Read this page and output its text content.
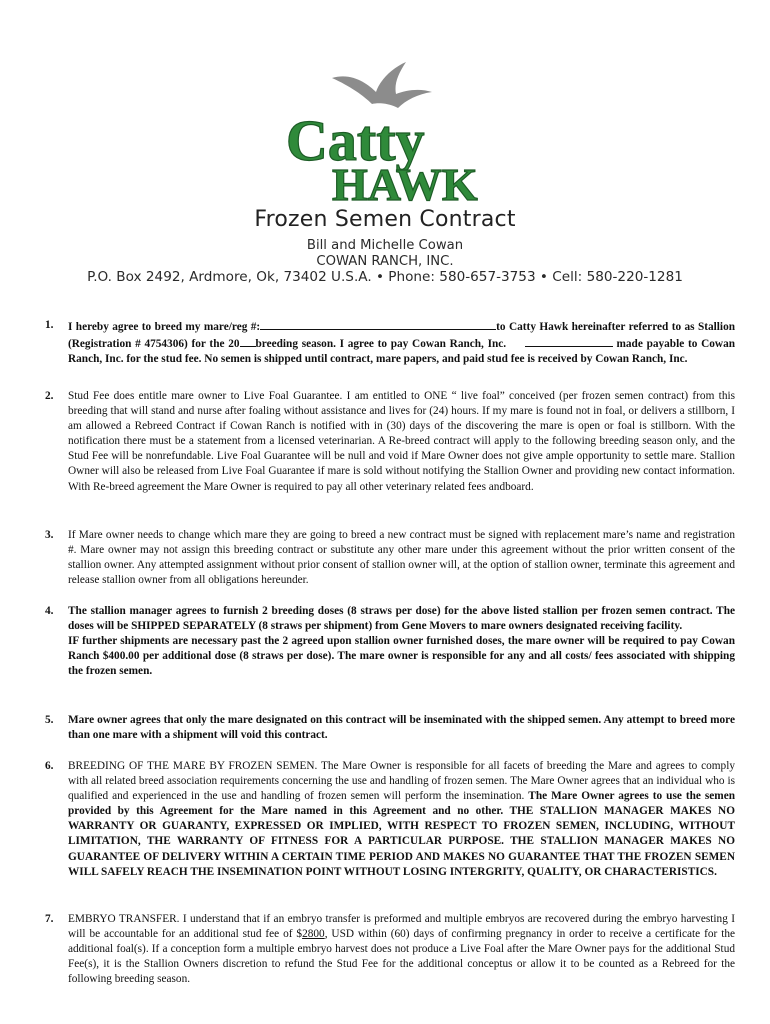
Catty
HAWK
Frozen Semen Contract
Bill and Michelle Cowan
COWAN RANCH, INC.
P.O. Box 2492, Ardmore, Ok, 73402 U.S.A. • Phone: 580-657-3753 • Cell: 580-220-1281
1.	I hereby agree to breed my mare/reg #:	to Catty Hawk hereinafter referred to as Stallion (Registration # 4754306) for the 20 breeding season. I agree to pay Cowan Ranch, Inc.	made payable to Cowan Ranch, Inc. for the stud fee. No semen is shipped until contract, mare papers, and paid stud fee is received by Cowan Ranch, Inc.
2.	Stud Fee does entitle mare owner to Live Foal Guarantee. I am entitled to ONE “ live foal” conceived (per frozen semen contract) from this breeding that will stand and nurse after foaling without assistance and lives for (24) hours. If my mare is found not in foal, or delivers a stillborn, I am allowed a Rebreed Contract if Cowan Ranch is notified with in (30) days of the discovering the mare is open or foal is stillborn. With the notification there must be a statement from a licensed veterinarian. A Re-breed contract will apply to the following breeding season only, and the Stud Fee will be nonrefundable. Live Foal Guarantee will be null and void if Mare Owner does not give ample opportunity to settle mare. Stallion Owner will also be released from Live Foal Guarantee if mare is sold without notifying the Stallion Owner and providing new contact information. With Re-breed agreement the Mare Owner is required to pay all other veterinary related fees andboard.
3.	If Mare owner needs to change which mare they are going to breed a new contract must be signed with replacement mare’s name and registration #. Mare owner may not assign this breeding contract or substitute any other mare under this agreement without the prior written consent of the stallion owner. Any attempted assignment without prior consent of stallion owner will, at the option of stallion owner, terminate this agreement and release stallion owner from all obligations hereunder.
4.	The stallion manager agrees to furnish 2 breeding doses (8 straws per dose) for the above listed stallion per frozen semen contract. The doses will be SHIPPED SEPARATELY (8 straws per shipment) from Gene Movers to mare owners designated receiving facility.
IF further shipments are necessary past the 2 agreed upon stallion owner furnished doses, the mare owner will be required to pay Cowan Ranch $400.00 per additional dose (8 straws per dose). The mare owner is responsible for any and all costs/ fees associated with shipping the frozen semen.
5.	Mare owner agrees that only the mare designated on this contract will be inseminated with the shipped semen. Any attempt to breed more than one mare with a shipment will void this contract.
6.	BREEDING OF THE MARE BY FROZEN SEMEN. The Mare Owner is responsible for all facets of breeding the Mare and agrees to comply with all related breed association requirements concerning the use and handling of frozen semen. The Mare Owner agrees that an individual who is qualified and experienced in the use and handling of frozen semen will perform the insemination. The Mare Owner agrees to use the semen provided by this Agreement for the Mare named in this Agreement and no other. THE STALLION MANAGER MAKES NO WARRANTY OR GUARANTY, EXPRESSED OR IMPLIED, WITH RESPECT TO FROZEN SEMEN, INCLUDING, WITHOUT LIMITATION, THE WARRANTY OF FITNESS FOR A PARTICULAR PURPOSE. THE STALLION MANAGER MAKES NO GUARANTEE OF DELIVERY WITHIN A CERTAIN TIME PERIOD AND MAKES NO GUARANTEE THAT THE FROZEN SEMEN WILL SAFELY REACH THE INSEMINATION POINT WITHOUT LOSING INTERGRITY, QUALITY, OR CHARACTERISTICS.
7.	EMBRYO TRANSFER. I understand that if an embryo transfer is preformed and multiple embryos are recovered during the embryo harvesting I will be accountable for an additional stud fee of $2800, USD within (60) days of confirming pregnancy in order to receive a certificate for the additional foal(s). If a conception form a multiple embryo harvest does not produce a Live Foal after the Mare Owner pays for the additional Stud Fee(s), it is the Stallion Owners discretion to refund the Stud Fee for the additional conceptus or allow it to be counted as a Rebreed for the following breeding season.
